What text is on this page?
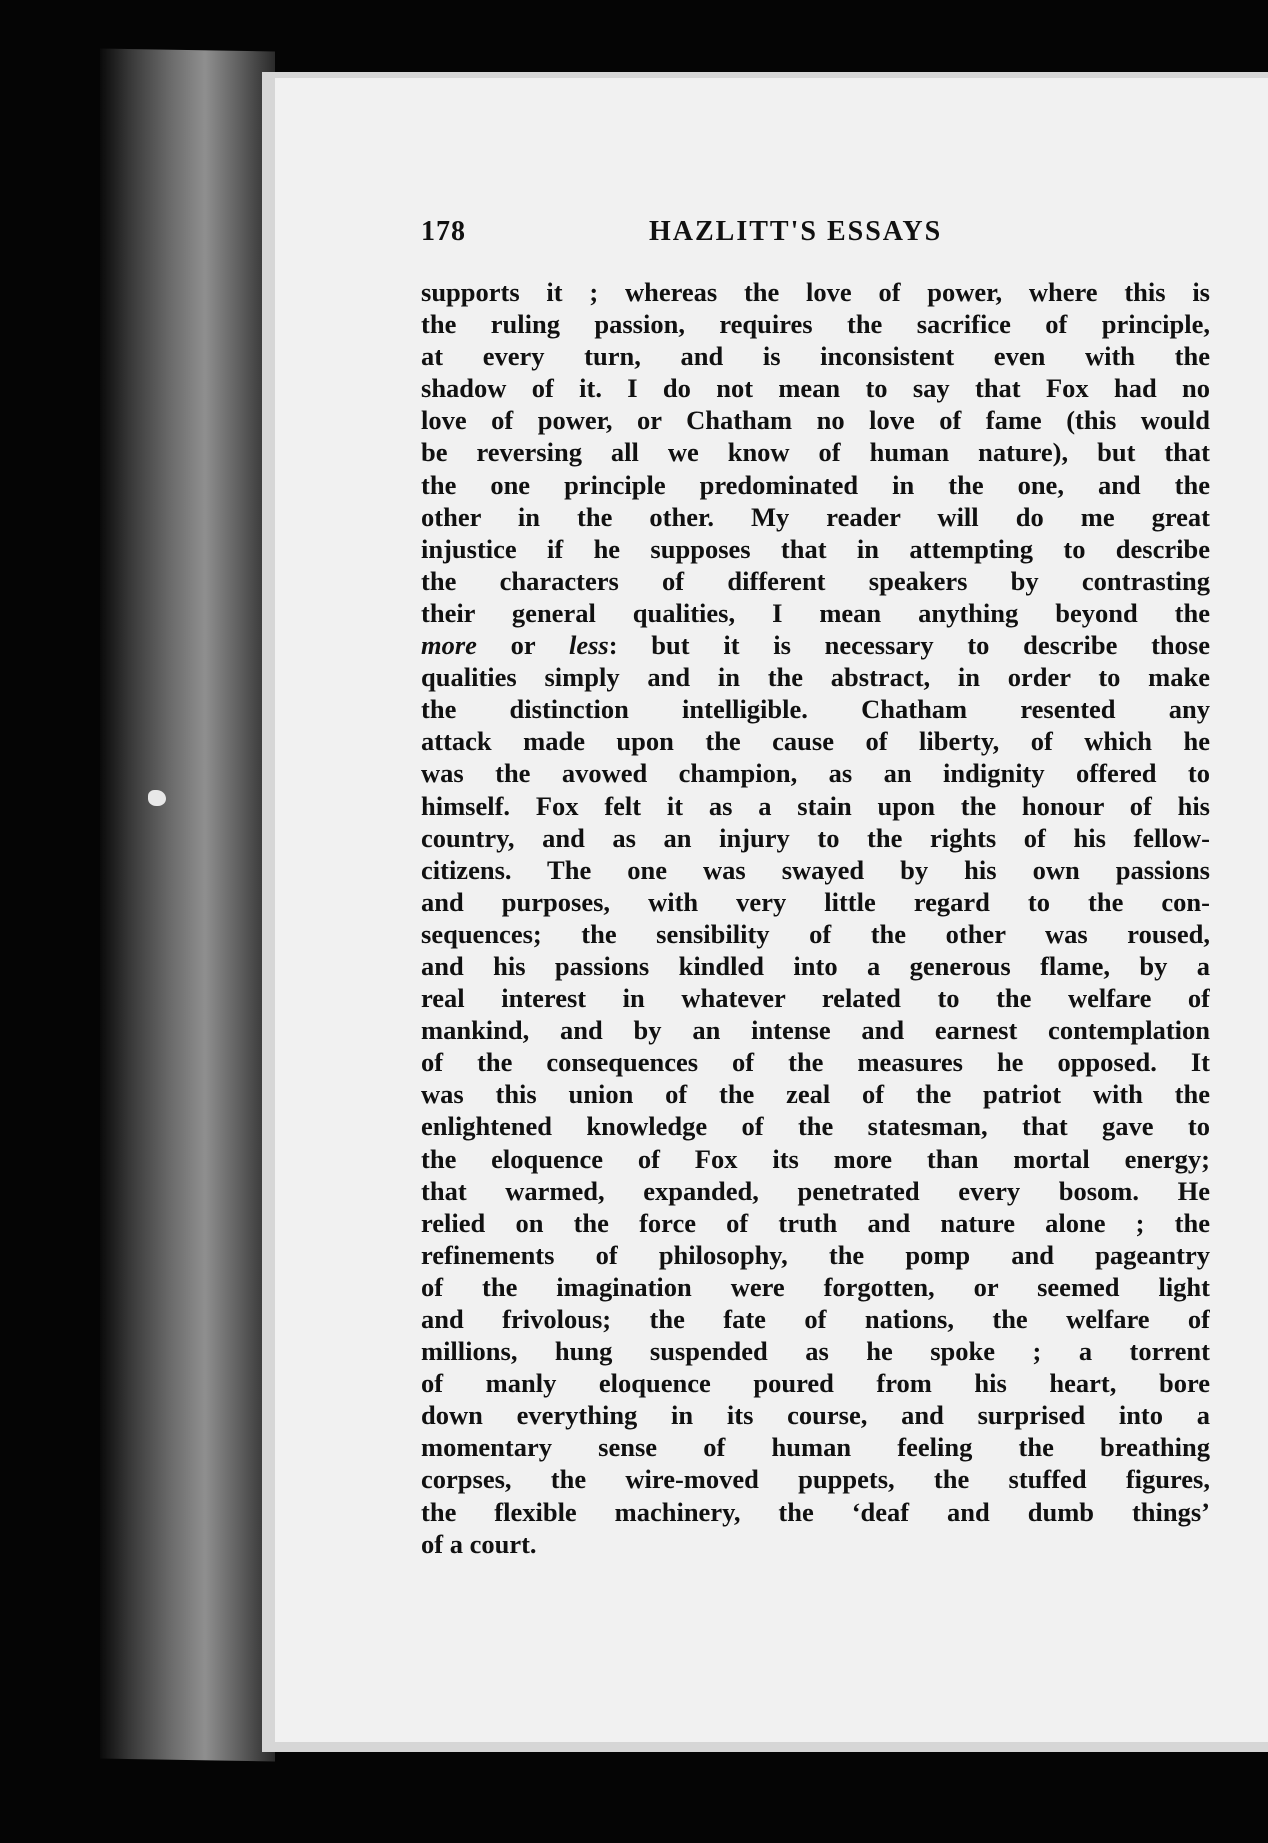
178	HAZLITT'S ESSAYS
supports it ; whereas the love of power, where this is
the ruling passion, requires the sacrifice of principle,
at every turn, and is inconsistent even with the
shadow of it. I do not mean to say that Fox had no
love of power, or Chatham no love of fame (this would
be reversing all we know of human nature), but that
the one principle predominated in the one, and the
other in the other. My reader will do me great
injustice if he supposes that in attempting to describe
the characters of different speakers by contrasting
their general qualities, I mean anything beyond the
more or less: but it is necessary to describe those
qualities simply and in the abstract, in order to make
the distinction intelligible. Chatham resented any
attack made upon the cause of liberty, of which he
was the avowed champion, as an indignity offered to
himself. Fox felt it as a stain upon the honour of his
country, and as an injury to the rights of his fellow-
citizens. The one was swayed by his own passions
and purposes, with very little regard to the con-
sequences; the sensibility of the other was roused,
and his passions kindled into a generous flame, by a
real interest in whatever related to the welfare of
mankind, and by an intense and earnest contemplation
of the consequences of the measures he opposed. It
was this union of the zeal of the patriot with the
enlightened knowledge of the statesman, that gave to
the eloquence of Fox its more than mortal energy;
that warmed, expanded, penetrated every bosom. He
relied on the force of truth and nature alone ; the
refinements of philosophy, the pomp and pageantry
of the imagination were forgotten, or seemed light
and frivolous; the fate of nations, the welfare of
millions, hung suspended as he spoke ; a torrent
of manly eloquence poured from his heart, bore
down everything in its course, and surprised into a
momentary sense of human feeling the breathing
corpses, the wire-moved puppets, the stuffed figures,
the flexible machinery, the ‘deaf and dumb things’
of a court.
